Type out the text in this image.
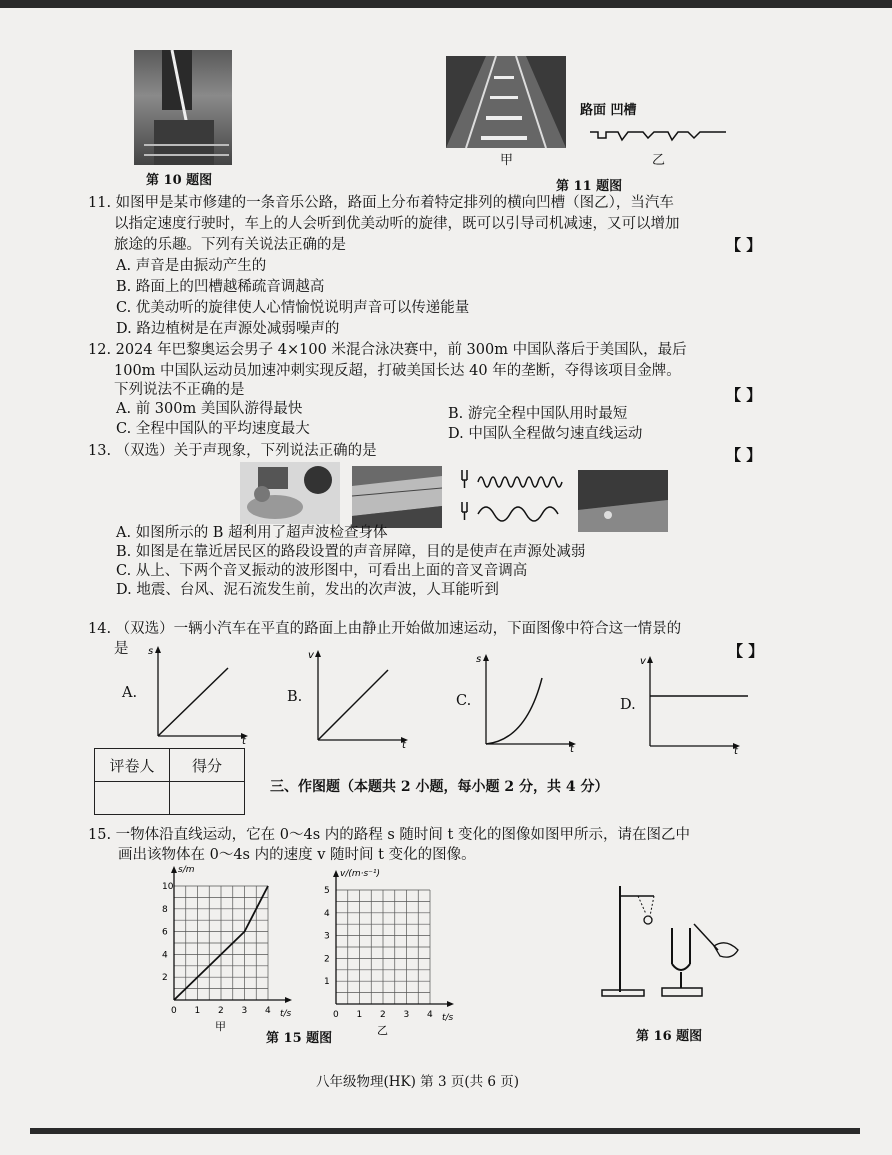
第 10 题图
甲
路面 凹槽
乙
第 11 题图
11. 如图甲是某市修建的一条音乐公路，路面上分布着特定排列的横向凹槽（图乙），当汽车
以指定速度行驶时，车上的人会听到优美动听的旋律，既可以引导司机减速，又可以增加
旅途的乐趣。下列有关说法正确的是	【 】
A. 声音是由振动产生的
B. 路面上的凹槽越稀疏音调越高
C. 优美动听的旋律使人心情愉悦说明声音可以传递能量
D. 路边植树是在声源处减弱噪声的
12. 2024 年巴黎奥运会男子 4×100 米混合泳决赛中，前 300m 中国队落后于美国队，最后
100m 中国队运动员加速冲刺实现反超，打破美国长达 40 年的垄断，夺得该项目金牌。
下列说法不正确的是	【 】
A. 前 300m 美国队游得最快	B. 游完全程中国队用时最短
C. 全程中国队的平均速度最大	D. 中国队全程做匀速直线运动
13. （双选）关于声现象，下列说法正确的是	【 】
A. 如图所示的 B 超利用了超声波检查身体
B. 如图是在靠近居民区的路段设置的声音屏障，目的是使声在声源处减弱
C. 从上、下两个音叉振动的波形图中，可看出上面的音叉音调高
D. 地震、台风、泥石流发生前，发出的次声波，人耳能听到
14. （双选）一辆小汽车在平直的路面上由静止开始做加速运动，下面图像中符合这一情景的
是	【 】
A.
s
t
B.
v
t
C.
s
t
D.
v
t
评卷人	得分

三、作图题（本题共 2 小题，每小题 2 分，共 4 分）
15. 一物体沿直线运动，它在 0～4s 内的路程 s 随时间 t 变化的图像如图甲所示，请在图乙中
画出该物体在 0～4s 内的速度 v 随时间 t 变化的图像。
0 1 2 3 4
2
4
6
8
10
s/m
t/s
甲
0 1 2 3 4
1
2
3
4
5
v/(m·s⁻¹)
t/s
乙
第 15 题图	第 16 题图
八年级物理(HK) 第 3 页(共 6 页)
